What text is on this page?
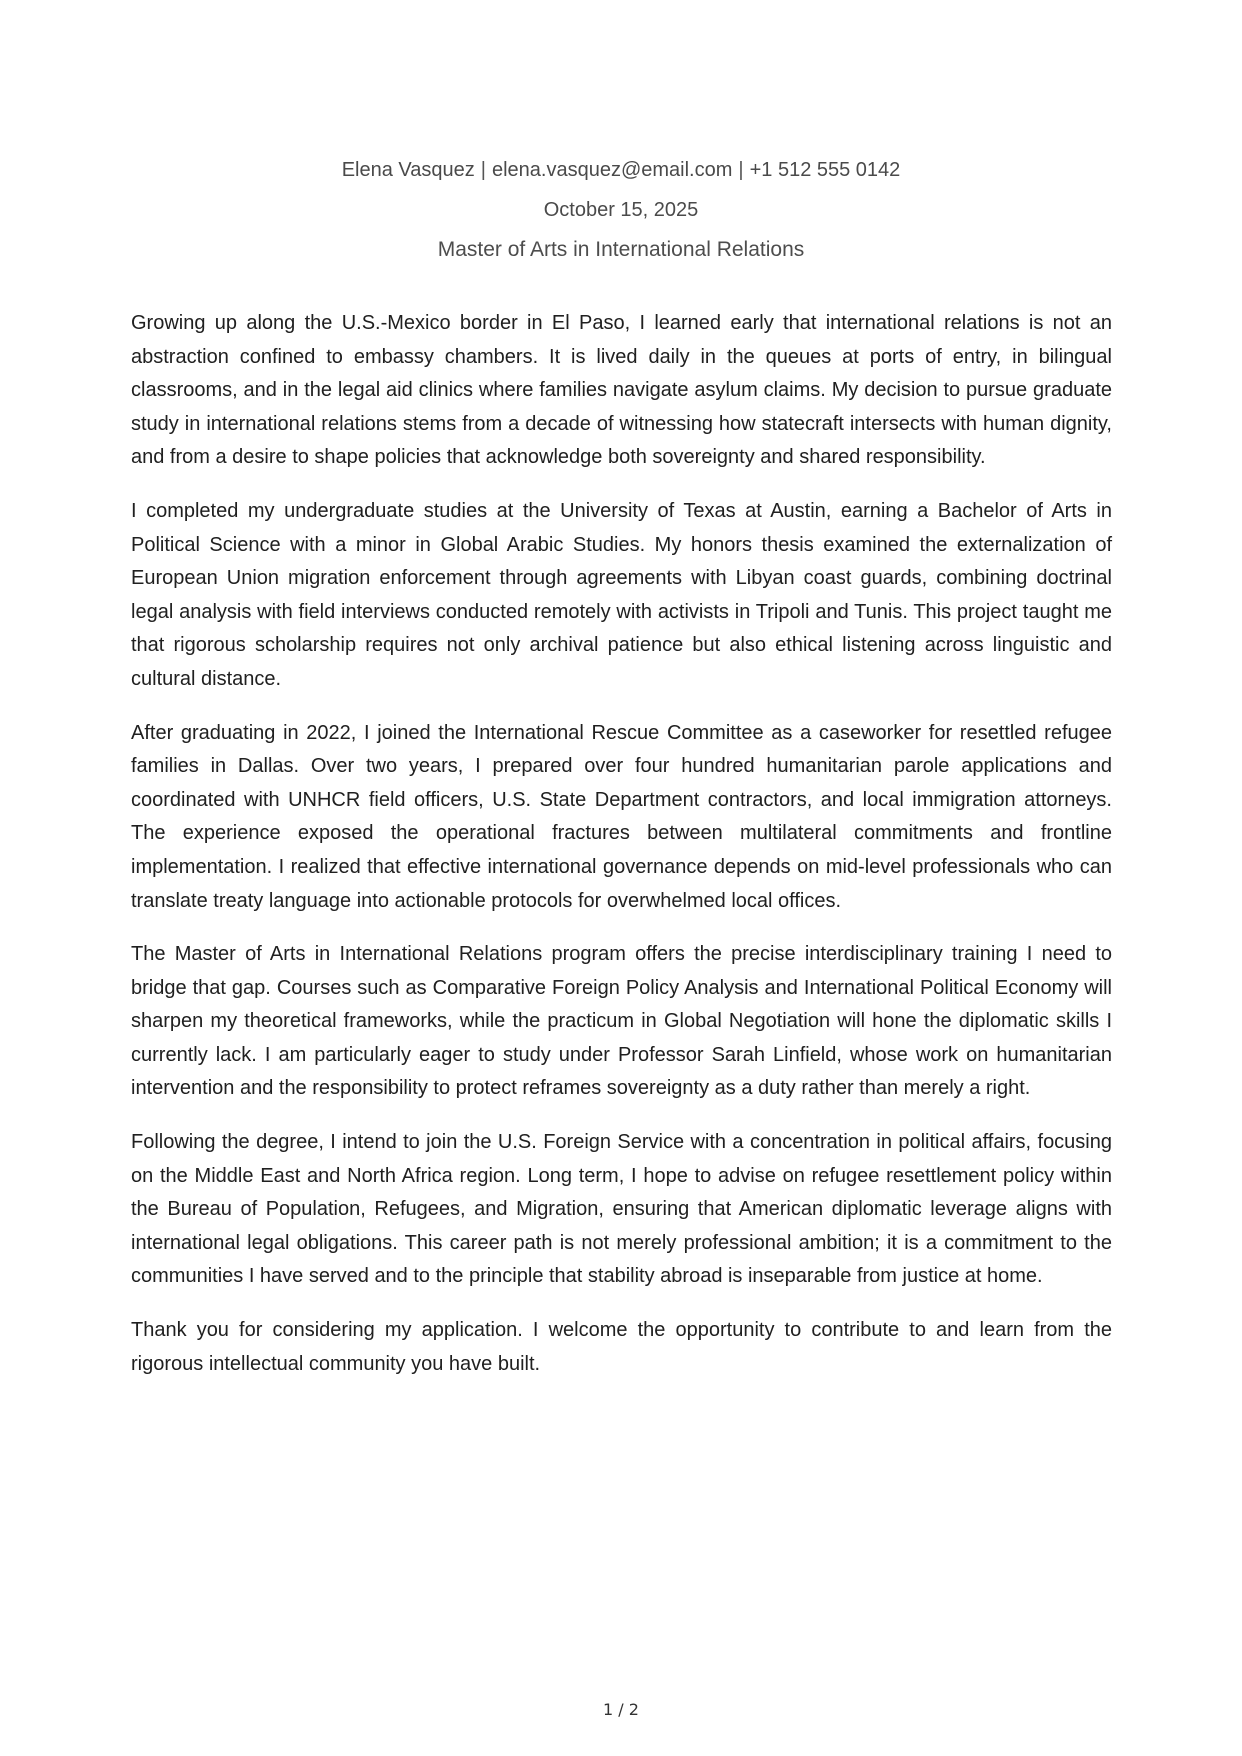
Elena Vasquez | elena.vasquez@email.com | +1 512 555 0142
October 15, 2025
Master of Arts in International Relations

Growing up along the U.S.-Mexico border in El Paso, I learned early that international relations is not an abstraction confined to embassy chambers. It is lived daily in the queues at ports of entry, in bilingual classrooms, and in the legal aid clinics where families navigate asylum claims. My decision to pursue graduate study in international relations stems from a decade of witnessing how statecraft intersects with human dignity, and from a desire to shape policies that acknowledge both sovereignty and shared responsibility.

I completed my undergraduate studies at the University of Texas at Austin, earning a Bachelor of Arts in Political Science with a minor in Global Arabic Studies. My honors thesis examined the externalization of European Union migration enforcement through agreements with Libyan coast guards, combining doctrinal legal analysis with field interviews conducted remotely with activists in Tripoli and Tunis. This project taught me that rigorous scholarship requires not only archival patience but also ethical listening across linguistic and cultural distance.

After graduating in 2022, I joined the International Rescue Committee as a caseworker for resettled refugee families in Dallas. Over two years, I prepared over four hundred humanitarian parole applications and coordinated with UNHCR field officers, U.S. State Department contractors, and local immigration attorneys. The experience exposed the operational fractures between multilateral commitments and frontline implementation. I realized that effective international governance depends on mid-level professionals who can translate treaty language into actionable protocols for overwhelmed local offices.

The Master of Arts in International Relations program offers the precise interdisciplinary training I need to bridge that gap. Courses such as Comparative Foreign Policy Analysis and International Political Economy will sharpen my theoretical frameworks, while the practicum in Global Negotiation will hone the diplomatic skills I currently lack. I am particularly eager to study under Professor Sarah Linfield, whose work on humanitarian intervention and the responsibility to protect reframes sovereignty as a duty rather than merely a right.

Following the degree, I intend to join the U.S. Foreign Service with a concentration in political affairs, focusing on the Middle East and North Africa region. Long term, I hope to advise on refugee resettlement policy within the Bureau of Population, Refugees, and Migration, ensuring that American diplomatic leverage aligns with international legal obligations. This career path is not merely professional ambition; it is a commitment to the communities I have served and to the principle that stability abroad is inseparable from justice at home.

Thank you for considering my application. I welcome the opportunity to contribute to and learn from the rigorous intellectual community you have built.

1 / 2
